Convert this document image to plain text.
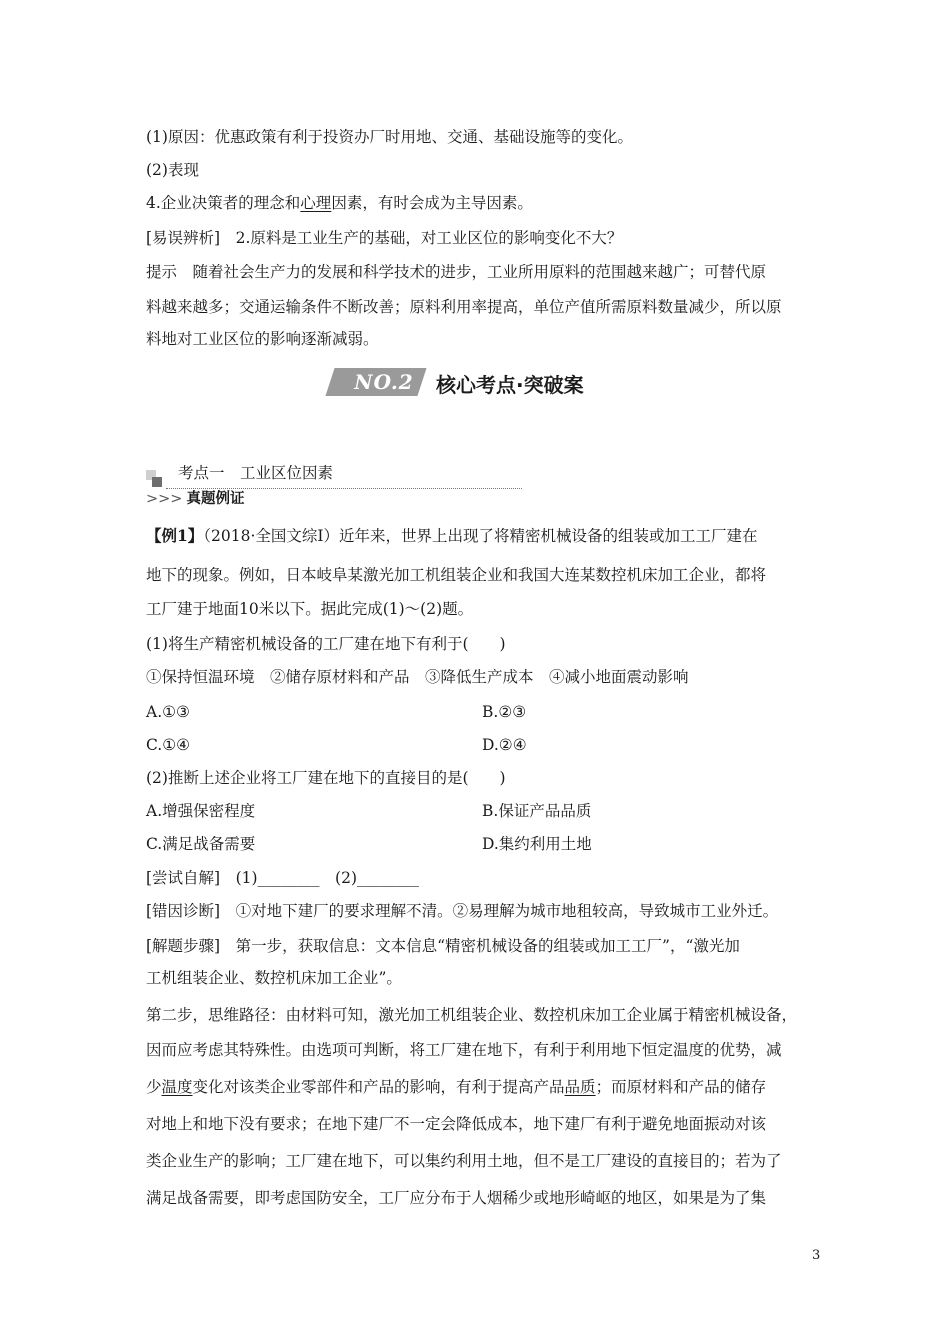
(1)原因：优惠政策有利于投资办厂时用地、交通、基础设施等的变化。
(2)表现
4.企业决策者的理念和心理因素，有时会成为主导因素。
[易误辨析]　2.原料是工业生产的基础，对工业区位的影响变化不大？
提示　随着社会生产力的发展和科学技术的进步，工业所用原料的范围越来越广；可替代原
料越来越多；交通运输条件不断改善；原料利用率提高，单位产值所需原料数量减少，所以原
料地对工业区位的影响逐渐减弱。
NO.2	核心考点·突破案
考点一　工业区位因素
>>> 真题例证
【例1】（2018·全国文综Ⅰ）近年来，世界上出现了将精密机械设备的组装或加工工厂建在
地下的现象。例如，日本岐阜某激光加工机组装企业和我国大连某数控机床加工企业，都将
工厂建于地面10米以下。据此完成(1)～(2)题。
(1)将生产精密机械设备的工厂建在地下有利于(　　)
①保持恒温环境　②储存原材料和产品　③降低生产成本　④减小地面震动影响
A.①③	B.②③
C.①④	D.②④
(2)推断上述企业将工厂建在地下的直接目的是(　　)
A.增强保密程度	B.保证产品品质
C.满足战备需要	D.集约利用土地
[尝试自解]　(1)________　(2)________
[错因诊断]　①对地下建厂的要求理解不清。②易理解为城市地租较高，导致城市工业外迁。
[解题步骤]　第一步，获取信息：文本信息“精密机械设备的组装或加工工厂”，“激光加
工机组装企业、数控机床加工企业”。
第二步，思维路径：由材料可知，激光加工机组装企业、数控机床加工企业属于精密机械设备，
因而应考虑其特殊性。由选项可判断，将工厂建在地下，有利于利用地下恒定温度的优势，减
少温度变化对该类企业零部件和产品的影响，有利于提高产品品质；而原材料和产品的储存
对地上和地下没有要求；在地下建厂不一定会降低成本，地下建厂有利于避免地面振动对该
类企业生产的影响；工厂建在地下，可以集约利用土地，但不是工厂建设的直接目的；若为了
满足战备需要，即考虑国防安全，工厂应分布于人烟稀少或地形崎岖的地区，如果是为了集
3
